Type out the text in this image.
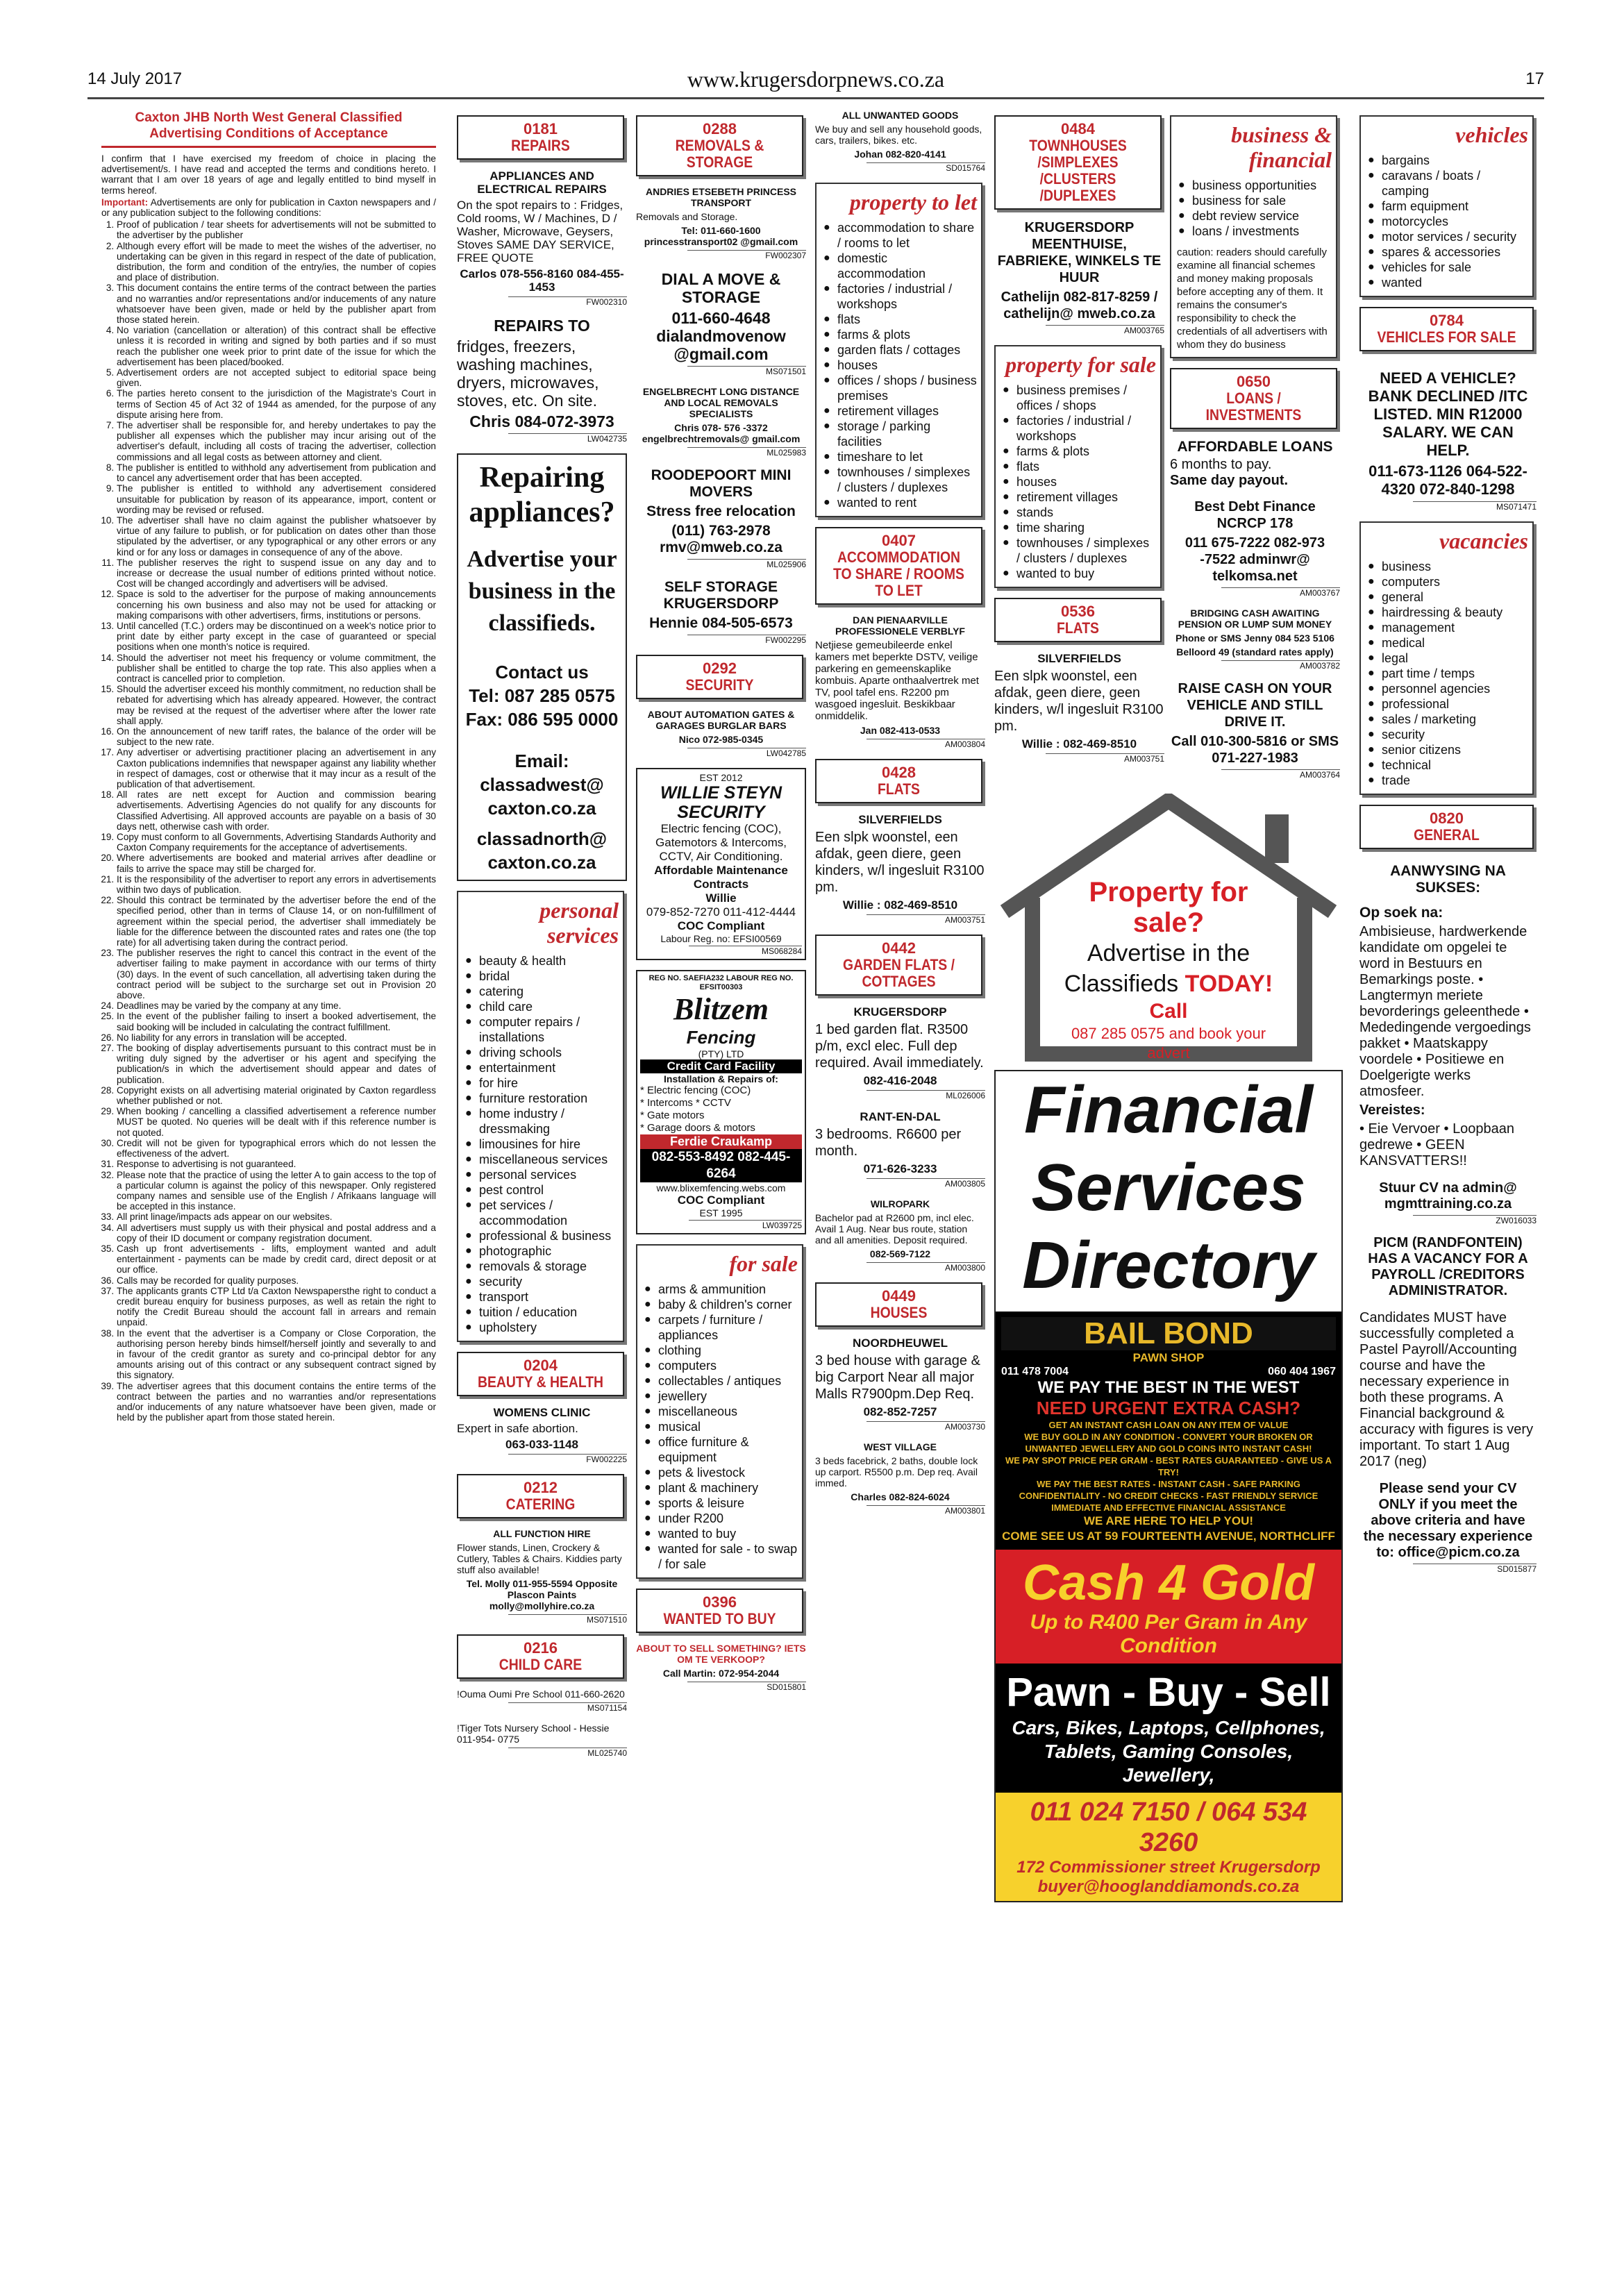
14 July 2017	www.krugersdorpnews.co.za	17
Caxton JHB North West General Classified Advertising Conditions of Acceptance

I confirm that I have exercised my freedom of choice in placing the advertisement/s. I have read and accepted the terms and conditions hereto. I warrant that I am over 18 years of age and legally entitled to bind myself in terms hereof.

Important: Advertisements are only for publication in Caxton newspapers and / or any publication subject to the following conditions:

1. Proof of publication / tear sheets for advertisements will not be submitted to the advertiser by the publisher
2. Although every effort will be made to meet the wishes of the advertiser, no undertaking can be given in this regard in respect of the date of publication, distribution, the form and condition of the entry/ies, the number of copies and place of distribution.
3. This document contains the entire terms of the contract between the parties and no warranties and/or representations and/or inducements of any nature whatsoever have been given, made or held by the publisher apart from those stated herein.
4. No variation (cancellation or alteration) of this contract shall be effective unless it is recorded in writing and signed by both parties and if so must reach the publisher one week prior to print date of the issue for which the advertisement has been placed/booked.
5. Advertisement orders are not accepted subject to editorial space being given.
6. The parties hereto consent to the jurisdiction of the Magistrate's Court in terms of Section 45 of Act 32 of 1944 as amended, for the purpose of any dispute arising here from.
7. The advertiser shall be responsible for, and hereby undertakes to pay the publisher all expenses which the publisher may incur arising out of the advertiser's default, including all costs of tracing the advertiser, collection commissions and all legal costs as between attorney and client.
8. The publisher is entitled to withhold any advertisement from publication and to cancel any advertisement order that has been accepted.
9. The publisher is entitled to withhold any advertisement considered unsuitable for publication by reason of its appearance, import, content or wording may be revised or refused.
10. The advertiser shall have no claim against the publisher whatsoever by virtue of any failure to publish, or for publication on dates other than those stipulated by the advertiser, or any typographical or any other errors or any kind or for any loss or damages in consequence of any of the above.
11. The publisher reserves the right to suspend issue on any day and to increase or decrease the usual number of editions printed without notice. Cost will be changed accordingly and advertisers will be advised.
12. Space is sold to the advertiser for the purpose of making announcements concerning his own business and also may not be used for attacking or making comparisons with other advertisers, firms, institutions or persons.
13. Until cancelled (T.C.) orders may be discontinued on a week's notice prior to print date by either party except in the case of guaranteed or special positions when one month's notice is required.
14. Should the advertiser not meet his frequency or volume commitment, the publisher shall be entitled to charge the top rate. This also applies when a contract is cancelled prior to completion.
15. Should the advertiser exceed his monthly commitment, no reduction shall be rebated for advertising which has already appeared. However, the contract may be revised at the request of the advertiser where after the lower rate shall apply.
16. On the announcement of new tariff rates, the balance of the order will be subject to the new rate.
17. Any advertiser or advertising practitioner placing an advertisement in any Caxton publications indemnifies that newspaper against any liability whether in respect of damages, cost or otherwise that it may incur as a result of the publication of that advertisement.
18. All rates are nett except for Auction and commission bearing advertisements. Advertising Agencies do not qualify for any discounts for Classified Advertising. All approved accounts are payable on a basis of 30 days nett, otherwise cash with order.
19. Copy must conform to all Governments, Advertising Standards Authority and Caxton Company requirements for the acceptance of advertisements.
20. Where advertisements are booked and material arrives after deadline or fails to arrive the space may still be charged for.
21. It is the responsibility of the advertiser to report any errors in advertisements within two days of publication.
22. Should this contract be terminated by the advertiser before the end of the specified period, other than in terms of Clause 14, or on non-fulfillment of agreement within the special period, the advertiser shall immediately be liable for the difference between the discounted rates and rates one (the top rate) for all advertising taken during the contract period.
23. The publisher reserves the right to cancel this contract in the event of the advertiser failing to make payment in accordance with our terms of thirty (30) days. In the event of such cancellation, all advertising taken during the contract period will be subject to the surcharge set out in Provision 20 above.
24. Deadlines may be varied by the company at any time.
25. In the event of the publisher failing to insert a booked advertisement, the said booking will be included in calculating the contract fulfillment.
26. No liability for any errors in translation will be accepted.
27. The booking of display advertisements pursuant to this contract must be in writing duly signed by the advertiser or his agent and specifying the publication/s in which the advertisement should appear and dates of publication.
28. Copyright exists on all advertising material originated by Caxton regardless whether published or not.
29. When booking / cancelling a classified advertisement a reference number MUST be quoted. No queries will be dealt with if this reference number is not quoted.
30. Credit will not be given for typographical errors which do not lessen the effectiveness of the advert.
31. Response to advertising is not guaranteed.
32. Please note that the practice of using the letter A to gain access to the top of a particular column is against the policy of this newspaper. Only registered company names and sensible use of the English / Afrikaans language will be accepted in this instance.
33. All print linage/impacts ads appear on our websites.
34. All advertisers must supply us with their physical and postal address and a copy of their ID document or company registration document.
35. Cash up front advertisements - lifts, employment wanted and adult entertainment - payments can be made by credit card, direct deposit or at our office.
36. Calls may be recorded for quality purposes.
37. The applicants grants CTP Ltd t/a Caxton Newspapersthe right to conduct a credit bureau enquiry for business purposes, as well as retain the right to notify the Credit Bureau should the account fall in arrears and remain unpaid.
38. In the event that the advertiser is a Company or Close Corporation, the authorising person hereby binds himself/herself jointly and severally to and in favour of the credit grantor as surety and co-principal debtor for any amounts arising out of this contract or any subsequent contract signed by this signatory.
39. The advertiser agrees that this document contains the entire terms of the contract between the parties and no warranties and/or representations and/or inducements of any nature whatsoever have been given, made or held by the publisher apart from those stated herein.
0181
REPAIRS
APPLIANCES AND ELECTRICAL REPAIRS
On the spot repairs to : Fridges, Cold rooms, W / Machines, D / Washer, Microwave, Geysers, Stoves SAME DAY SERVICE, FREE QUOTE
Carlos 078-556-8160 084-455-1453
FW002310
REPAIRS TO
fridges, freezers, washing machines, dryers, microwaves, stoves, etc. On site.
Chris 084-072-3973
LW042735
Repairing appliances?
Advertise your business in the classifieds.
Contact us
Tel: 087 285 0575
Fax: 086 595 0000
Email:
classadwest@ caxton.co.za
classadnorth@ caxton.co.za
personal services
● beauty & health
● bridal
● catering
● child care
● computer repairs / installations
● driving schools
● entertainment
● for hire
● furniture restoration
● home industry / dressmaking
● limousines for hire
● miscellaneous services
● personal services
● pest control
● pet services / accommodation
● professional & business
● photographic
● removals & storage
● security
● transport
● tuition / education
● upholstery
0204
BEAUTY & HEALTH
WOMENS CLINIC
Expert in safe abortion.
063-033-1148
FW002225
0212
CATERING
ALL FUNCTION HIRE
Flower stands, Linen, Crockery & Cutlery, Tables & Chairs. Kiddies party stuff also available!
Tel. Molly 011-955-5594 Opposite Plascon Paints molly@mollyhire.co.za
MS071510
0216
CHILD CARE
!Ouma Oumi Pre School 011-660-2620
MS071154
!Tiger Tots Nursery School - Hessie 011-954- 0775
ML025740
0288
REMOVALS & STORAGE
ANDRIES ETSEBETH PRINCESS TRANSPORT
Removals and Storage.
Tel: 011-660-1600 princesstransport02 @gmail.com
FW002307
DIAL A MOVE & STORAGE
011-660-4648 dialandmovenow @gmail.com
MS071501
ENGELBRECHT LONG DISTANCE AND LOCAL REMOVALS SPECIALISTS
Chris 078- 576 -3372 engelbrechtremovals@ gmail.com
ML025983
ROODEPOORT MINI MOVERS
Stress free relocation
(011) 763-2978 rmv@mweb.co.za
ML025906
SELF STORAGE KRUGERSDORP
Hennie 084-505-6573
FW002295
0292
SECURITY
ABOUT AUTOMATION GATES & GARAGES BURGLAR BARS
Nico 072-985-0345
LW042785
EST 2012
WILLIE STEYN SECURITY
Electric fencing (COC), Gatemotors & Intercoms, CCTV, Air Conditioning.
Affordable Maintenance Contracts
Willie
079-852-7270 011-412-4444
COC Compliant
Labour Reg. no: EFSI00569
MS068284
REG NO. SAEFIA232 LABOUR REG NO. EFSIT00303
Blitzem
Fencing
(PTY) LTD
Credit Card Facility
Installation & Repairs of:
* Electric fencing (COC)
* Intercoms * CCTV
* Gate motors
* Garage doors & motors
Ferdie Craukamp
082-553-8492 082-445-6264
www.blixemfencing.webs.com
COC Compliant
EST 1995
LW039725
for sale
● arms & ammunition
● baby & children's corner
● carpets / furniture / appliances
● clothing
● computers
● collectables / antiques
● jewellery
● miscellaneous
● musical
● office furniture & equipment
● pets & livestock
● plant & machinery
● sports & leisure
● under R200
● wanted to buy
● wanted for sale - to swap / for sale
0396
WANTED TO BUY
ABOUT TO SELL SOMETHING? IETS OM TE VERKOOP?
Call Martin: 072-954-2044
SD015801
ALL UNWANTED GOODS
We buy and sell any household goods, cars, trailers, bikes. etc.
Johan 082-820-4141
SD015764
property to let
● accommodation to share / rooms to let
● domestic accommodation
● factories / industrial / workshops
● flats
● farms & plots
● garden flats / cottages
● houses
● offices / shops / business premises
● retirement villages
● storage / parking facilities
● timeshare to let
● townhouses / simplexes / clusters / duplexes
● wanted to rent
0407
ACCOMMODATION TO SHARE / ROOMS TO LET
DAN PIENAARVILLE PROFESSIONELE VERBLYF
Netjiese gemeubileerde enkel kamers met beperkte DSTV, veilige parkering en gemeenskaplike kombuis. Aparte onthaalvertrek met TV, pool tafel ens. R2200 pm wasgoed ingesluit. Beskikbaar onmiddelik.
Jan 082-413-0533
AM003804
0428
FLATS
SILVERFIELDS
Een slpk woonstel, een afdak, geen diere, geen kinders, w/l ingesluit R3100 pm.
Willie : 082-469-8510
AM003751
0442
GARDEN FLATS / COTTAGES
KRUGERSDORP
1 bed garden flat. R3500 p/m, excl elec. Full dep required. Avail immediately.
082-416-2048
ML026006
RANT-EN-DAL
3 bedrooms. R6600 per month.
071-626-3233
AM003805
WILROPARK
Bachelor pad at R2600 pm, incl elec. Avail 1 Aug. Near bus route, station and all amenities. Deposit required.
082-569-7122
AM003800
0449
HOUSES
NOORDHEUWEL
3 bed house with garage & big Carport Near all major Malls R7900pm.Dep Req.
082-852-7257
AM003730
WEST VILLAGE
3 beds facebrick, 2 baths, double lock up carport. R5500 p.m. Dep req. Avail immed.
Charles 082-824-6024
AM003801
0484
TOWNHOUSES /SIMPLEXES /CLUSTERS /DUPLEXES
KRUGERSDORP MEENTHUISE, FABRIEKE, WINKELS TE HUUR
Cathelijn 082-817-8259 / cathelijn@ mweb.co.za
AM003765
property for sale
● business premises / offices / shops
● factories / industrial / workshops
● farms & plots
● flats
● houses
● retirement villages
● stands
● time sharing
● townhouses / simplexes / clusters / duplexes
● wanted to buy
0536
FLATS
SILVERFIELDS
Een slpk woonstel, een afdak, geen diere, geen kinders, w/l ingesluit R3100 pm.
Willie : 082-469-8510
AM003751
business & financial
● business opportunities
● business for sale
● debt review service
● loans / investments
caution: readers should carefully examine all financial schemes and money making proposals before accepting any of them. It remains the consumer's responsibility to check the credentials of all advertisers with whom they do business
0650
LOANS / INVESTMENTS
AFFORDABLE LOANS
6 months to pay.
Same day payout.
Best Debt Finance NCRCP 178
011 675-7222 082-973 -7522 adminwr@ telkomsa.net
AM003767
BRIDGING CASH AWAITING PENSION OR LUMP SUM MONEY
Phone or SMS Jenny 084 523 5106
Belloord 49 (standard rates apply)
AM003782
RAISE CASH ON YOUR VEHICLE AND STILL DRIVE IT.
Call 010-300-5816 or SMS 071-227-1983
AM003764
Property for sale?
Advertise in the
Classifieds TODAY!
Call
087 285 0575 and book your advert
Financial
Services
Directory
BAIL BOND
PAWN SHOP
011 478 7004	060 404 1967
WE PAY THE BEST IN THE WEST
NEED URGENT EXTRA CASH?
GET AN INSTANT CASH LOAN ON ANY ITEM OF VALUE
WE BUY GOLD IN ANY CONDITION - CONVERT YOUR BROKEN OR UNWANTED JEWELLERY AND GOLD COINS INTO INSTANT CASH!
WE PAY SPOT PRICE PER GRAM - BEST RATES GUARANTEED - GIVE US A TRY!
WE PAY THE BEST RATES - INSTANT CASH - SAFE PARKING
CONFIDENTIALITY - NO CREDIT CHECKS - FAST FRIENDLY SERVICE
IMMEDIATE AND EFFECTIVE FINANCIAL ASSISTANCE
WE ARE HERE TO HELP YOU!
COME SEE US AT 59 FOURTEENTH AVENUE, NORTHCLIFF
Cash 4 Gold
Up to R400 Per Gram in Any Condition
Pawn - Buy - Sell
Cars, Bikes, Laptops, Cellphones, Tablets, Gaming Consoles, Jewellery,
011 024 7150 / 064 534 3260
172 Commissioner street Krugersdorp
buyer@hooglanddiamonds.co.za
vehicles
● bargains
● caravans / boats / camping
● farm equipment
● motorcycles
● motor services / security
● spares & accessories
● vehicles for sale
● wanted
0784
VEHICLES FOR SALE
NEED A VEHICLE? BANK DECLINED /ITC LISTED. MIN R12000 SALARY. WE CAN HELP.
011-673-1126 064-522-4320 072-840-1298
MS071471
vacancies
● business
● computers
● general
● hairdressing & beauty
● management
● medical
● legal
● part time / temps
● personnel agencies
● professional
● sales / marketing
● security
● senior citizens
● technical
● trade
0820
GENERAL
AANWYSING NA SUKSES:
Op soek na:
Ambisieuse, hardwerkende kandidate om opgelei te word in Bestuurs en Bemarkings poste. • Langtermyn meriete bevorderings geleenthede • Mededingende vergoedings pakket • Maatskappy voordele • Positiewe en Doelgerigte werks atmosfeer.
Vereistes:
• Eie Vervoer • Loopbaan gedrewe • GEEN KANSVATTERS!!
Stuur CV na admin@ mgmttraining.co.za
ZW016033
PICM (RANDFONTEIN) HAS A VACANCY FOR A PAYROLL /CREDITORS ADMINISTRATOR.
Candidates MUST have successfully completed a Pastel Payroll/Accounting course and have the necessary experience in both these programs. A Financial background & accuracy with figures is very important. To start 1 Aug 2017 (neg)
Please send your CV ONLY if you meet the above criteria and have the necessary experience to: office@picm.co.za
SD015877
